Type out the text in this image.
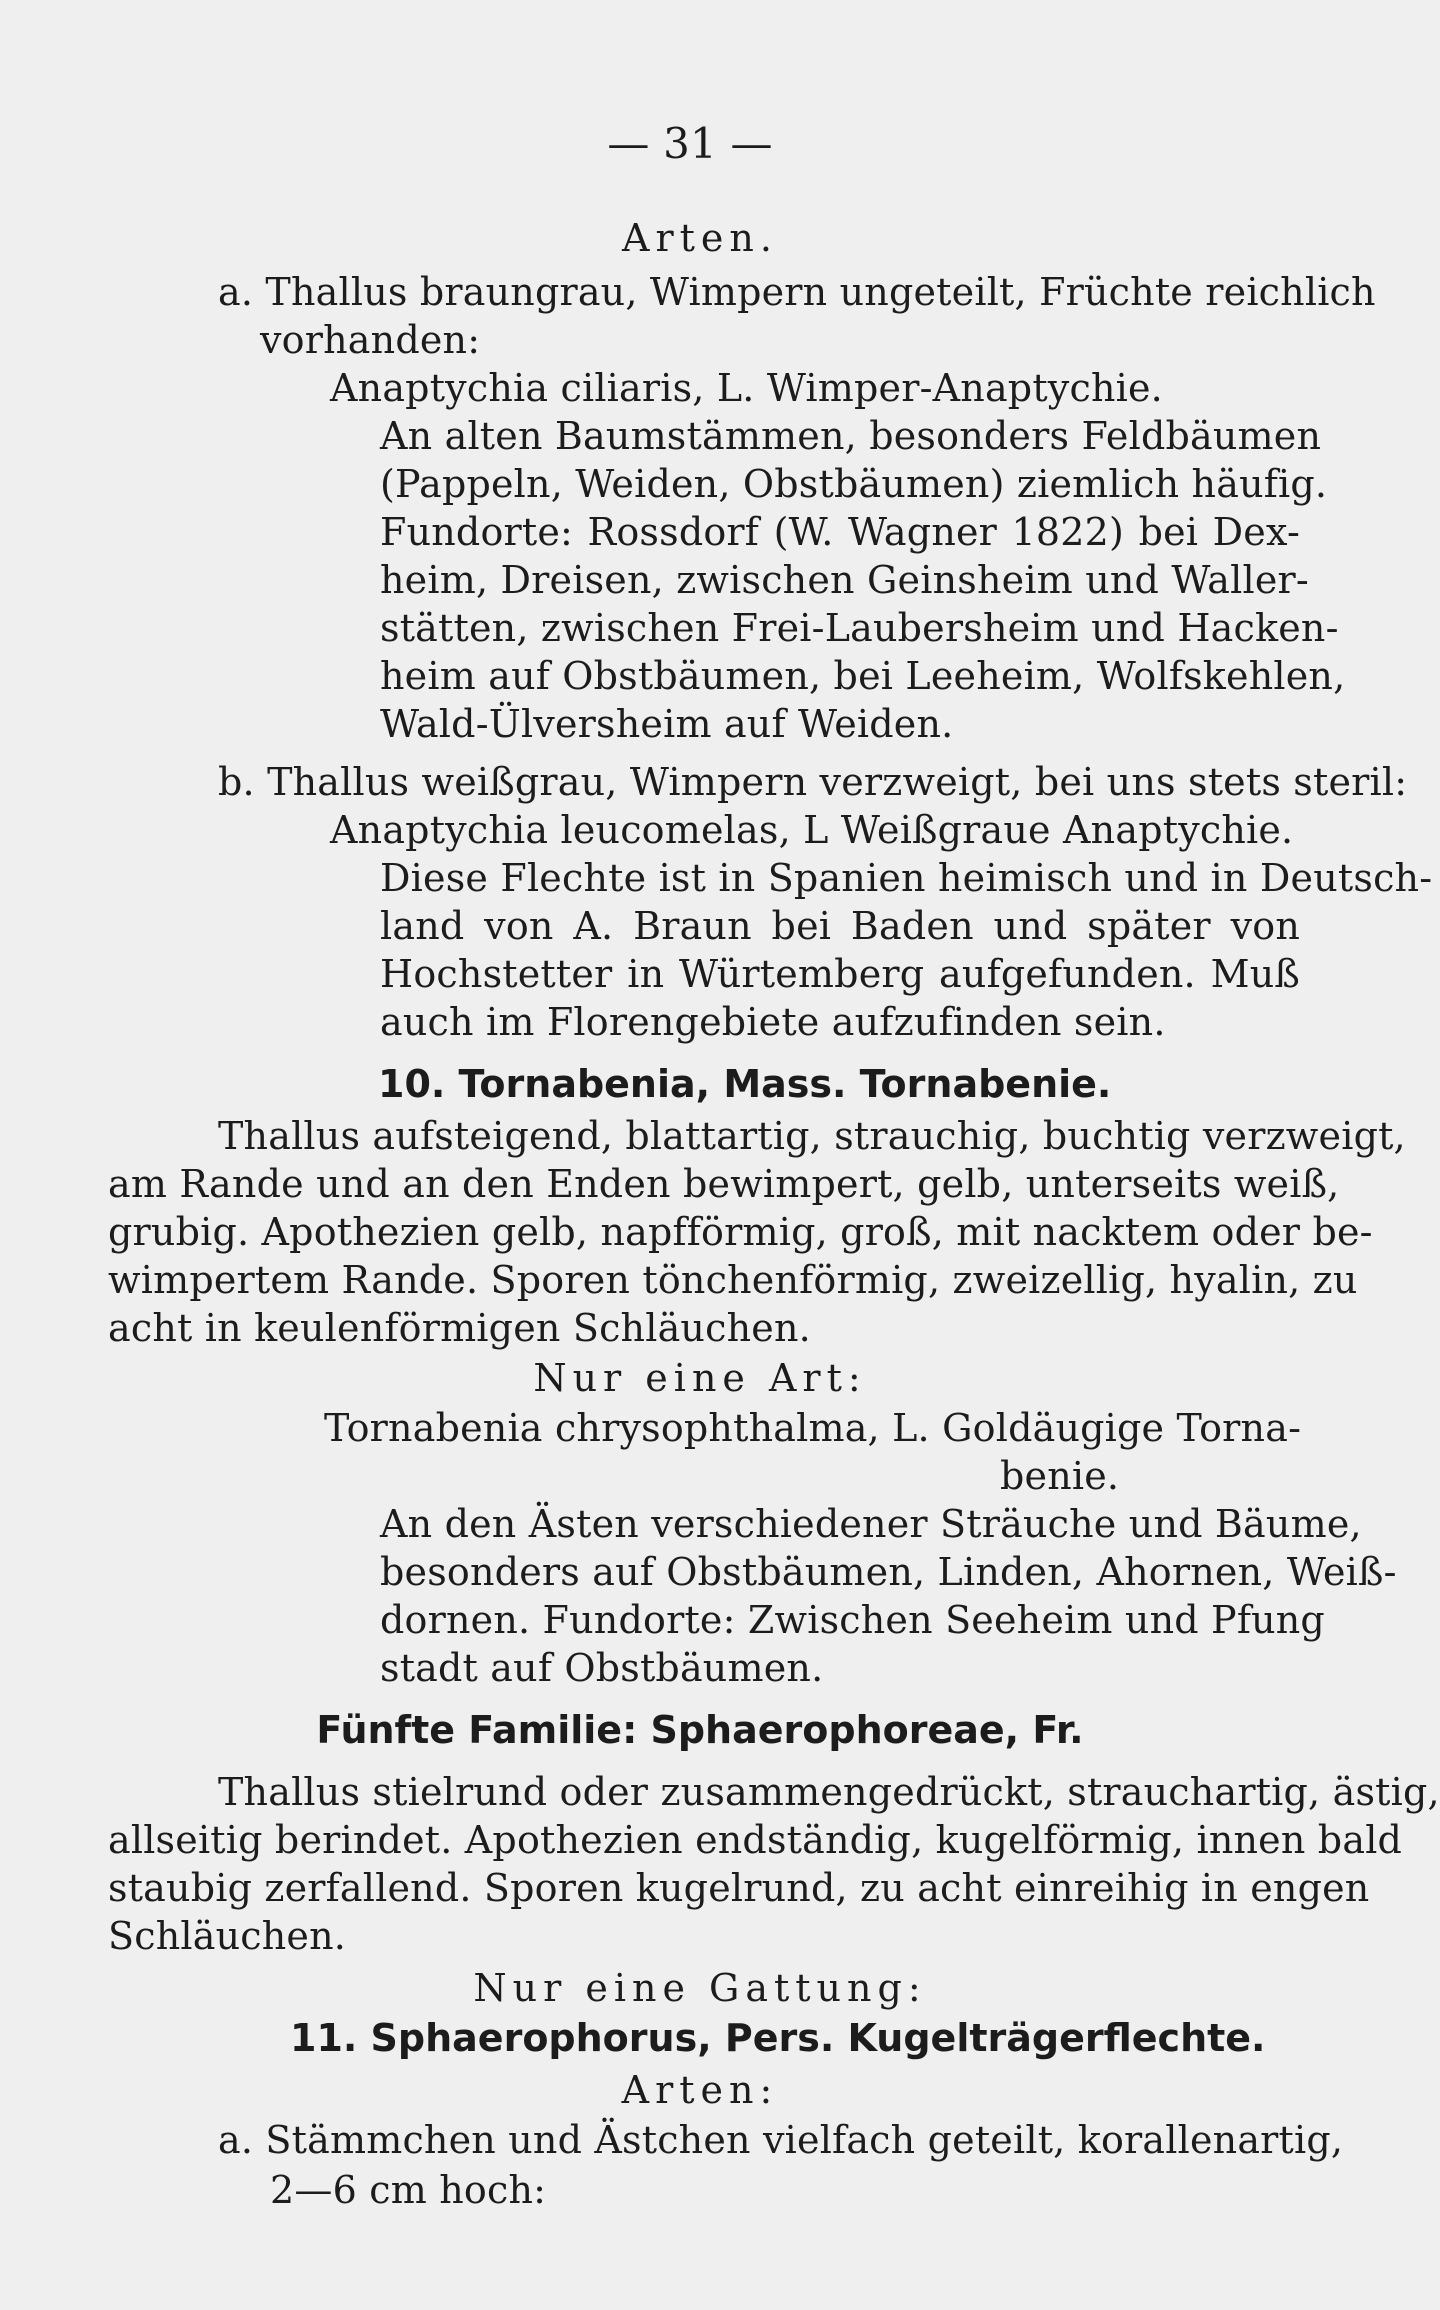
— 31 —
Arten.
a. Thallus braungrau, Wimpern ungeteilt, Früchte reichlich
vorhanden:
Anaptychia ciliaris, L. Wimper-Anaptychie.
An alten Baumstämmen, besonders Feldbäumen
(Pappeln, Weiden, Obstbäumen) ziemlich häufig.
Fundorte: Rossdorf (W. Wagner 1822) bei Dex-
heim, Dreisen, zwischen Geinsheim und Waller-
stätten, zwischen Frei-Laubersheim und Hacken-
heim auf Obstbäumen, bei Leeheim, Wolfskehlen,
Wald-Ülversheim auf Weiden.
b. Thallus weißgrau, Wimpern verzweigt, bei uns stets steril:
Anaptychia leucomelas, L Weißgraue Anaptychie.
Diese Flechte ist in Spanien heimisch und in Deutsch-
land von A. Braun bei Baden und später von
Hochstetter in Würtemberg aufgefunden. Muß
auch im Florengebiete aufzufinden sein.
10. Tornabenia, Mass. Tornabenie.
Thallus aufsteigend, blattartig, strauchig, buchtig verzweigt,
am Rande und an den Enden bewimpert, gelb, unterseits weiß,
grubig. Apothezien gelb, napfförmig, groß, mit nacktem oder be-
wimpertem Rande. Sporen tönchenförmig, zweizellig, hyalin, zu
acht in keulenförmigen Schläuchen.
Nur eine Art:
Tornabenia chrysophthalma, L. Goldäugige Torna-
benie.
An den Ästen verschiedener Sträuche und Bäume,
besonders auf Obstbäumen, Linden, Ahornen, Weiß-
dornen. Fundorte: Zwischen Seeheim und Pfung
stadt auf Obstbäumen.
Fünfte Familie: Sphaerophoreae, Fr.
Thallus stielrund oder zusammengedrückt, strauchartig, ästig,
allseitig berindet. Apothezien endständig, kugelförmig, innen bald
staubig zerfallend. Sporen kugelrund, zu acht einreihig in engen
Schläuchen.
Nur eine Gattung:
11. Sphaerophorus, Pers. Kugelträgerflechte.
Arten:
a. Stämmchen und Ästchen vielfach geteilt, korallenartig,
2—6 cm hoch:
